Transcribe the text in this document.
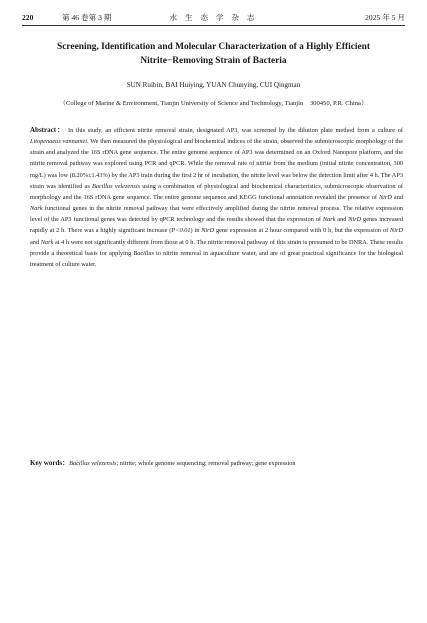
220	第 46 卷第 3 期	水 生 态 学 杂 志	2025 年 5 月
Screening, Identification and Molecular Characterization of a Highly Efficient
Nitrite−Removing Strain of Bacteria
SUN Ruibin, BAI Huiying, YUAN Chunying, CUI Qingman
（College of Marine & Environment, Tianjin University of Science and Technology, Tianjin　300450, P.R. China）

Abstract： In this study, an efficient nitrite removal strain, designated AP3, was screened by the dilution plate method from a culture of Litopenaeus vannamei. We then measured the physiological and biochemical indices of the strain, observed the submicroscopic morphology of the strain and analyzed the 16S rDNA gene sequence. The entire genome sequence of AP3 was determined on an Oxford Nanopore platform, and the nitrite removal pathway was explored using PCR and qPCR. While the removal rate of nitrite from the medium (initial nitrite concentration, 300 mg/L) was low (8.20%±1.43%) by the AP3 train during the first 2 hr of incubation, the nitrite level was below the detection limit after 4 h. The AP3 strain was identified as Bacillus velezensis using a combination of physiological and biochemical characteristics, submicroscopic observation of morphology and the 16S rDNA gene sequence. The entire genome sequence and KEGG functional annotation revealed the presence of NirD and Nark functional genes in the nitrite removal pathway that were effectively amplified during the nitrite removal process. The relative expression level of the AP3 functional genes was detected by qPCR technology and the results showed that the expression of Nark and NirD genes increased rapidly at 2 h. There was a highly significant increase (P<0.01) in NirD gene expression at 2 hour compared with 0 h, but the expression of NirD and Nark at 4 h were not significantly different from those at 0 h. The nitrite removal pathway of this strain is presumed to be DNRA. These results provide a theoretical basis for applying Bacillus to nitrite removal in aquaculture water, and are of great practical significance for the biological treatment of culture water.

Key words：Bacillus velezensis; nitrite; whole genome sequencing; removal pathway; gene expression
